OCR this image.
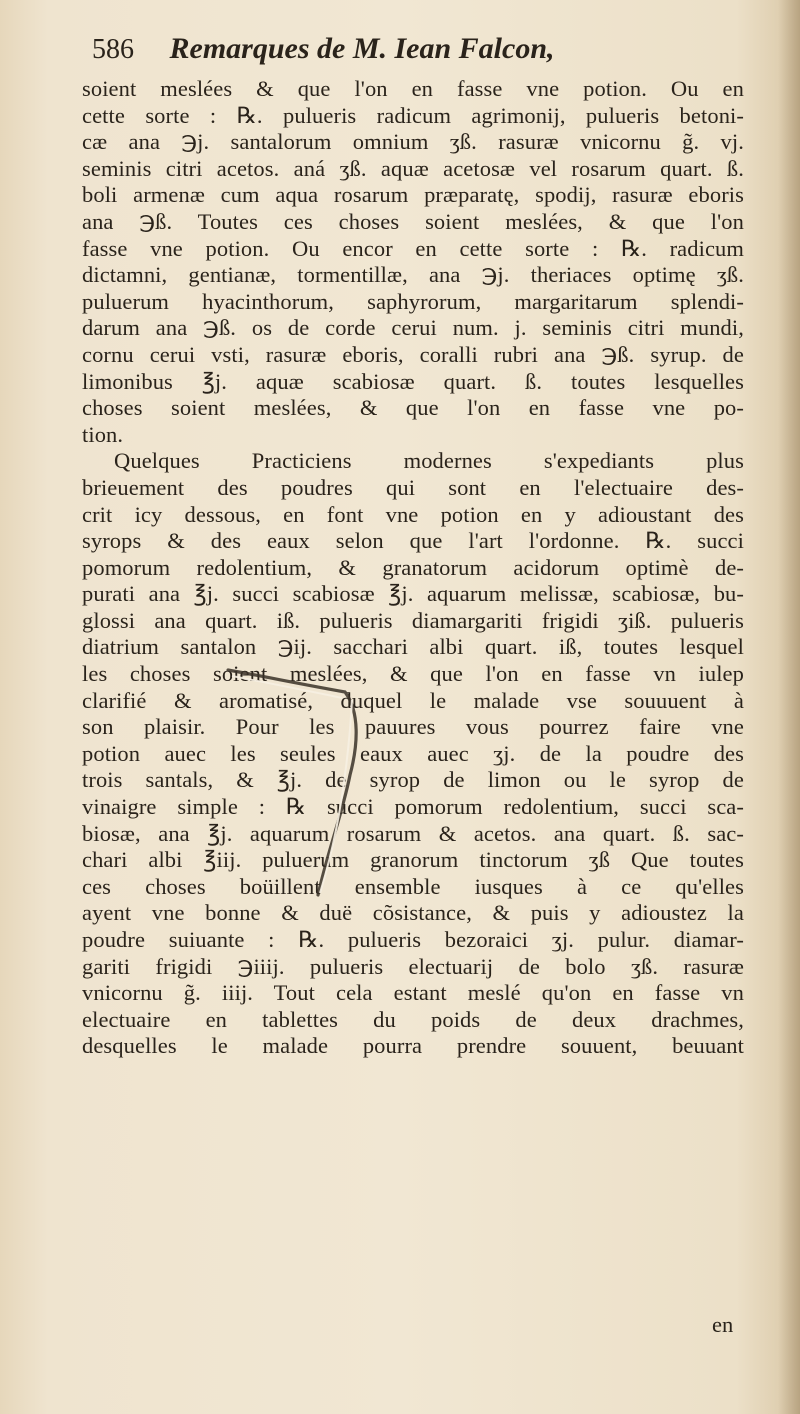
586 Remarques de M. Iean Falcon,
soient meslées & que l'on en fasse vne potion. Ou en
cette sorte : ℞. pulueris radicum agrimonij, pulueris betoni-
cæ ana ℈j. santalorum omnium ʒß. rasuræ vnicornu g̃. vj.
seminis citri acetos. aná ʒß. aquæ acetosæ vel rosarum quart. ß.
boli armenæ cum aqua rosarum præparatę, spodij, rasuræ eboris
ana ℈ß. Toutes ces choses soient meslées, & que l'on
fasse vne potion. Ou encor en cette sorte : ℞. radicum
dictamni, gentianæ, tormentillæ, ana ℈j. theriaces optimę ʒß.
puluerum hyacinthorum, saphyrorum, margaritarum splendi-
darum ana ℈ß. os de corde cerui num. j. seminis citri mundi,
cornu cerui vsti, rasuræ eboris, coralli rubri ana ℈ß. syrup. de
limonibus ℥j. aquæ scabiosæ quart. ß. toutes lesquelles
choses soient meslées, & que l'on en fasse vne po-
tion.
Quelques Practiciens modernes s'expediants plus
brieuement des poudres qui sont en l'electuaire des-
crit icy dessous, en font vne potion en y adioustant des
syrops & des eaux selon que l'art l'ordonne. ℞. succi
pomorum redolentium, & granatorum acidorum optimè de-
purati ana ℥j. succi scabiosæ ℥j. aquarum melissæ, scabiosæ, bu-
glossi ana quart. iß. pulueris diamargariti frigidi ʒiß. pulueris
diatrium santalon ℈ij. sacchari albi quart. iß, toutes lesquel
les choses soient meslées, & que l'on en fasse vn iulep
clarifié & aromatisé, duquel le malade vse souuuent à
son plaisir. Pour les pauures vous pourrez faire vne
potion auec les seules eaux auec ʒj. de la poudre des
trois santals, & ℥j. de syrop de limon ou le syrop de
vinaigre simple : ℞ succi pomorum redolentium, succi sca-
biosæ, ana ℥j. aquarum rosarum & acetos. ana quart. ß. sac-
chari albi ℥iij. puluerum granorum tinctorum ʒß Que toutes
ces choses boüillent ensemble iusques à ce qu'elles
ayent vne bonne & duë cõsistance, & puis y adioustez la
poudre suiuante : ℞. pulueris bezoraici ʒj. pulur. diamar-
gariti frigidi ℈iiij. pulueris electuarij de bolo ʒß. rasuræ
vnicornu g̃. iiij. Tout cela estant meslé qu'on en fasse vn
electuaire en tablettes du poids de deux drachmes,
desquelles le malade pourra prendre souuent, beuuant
en
